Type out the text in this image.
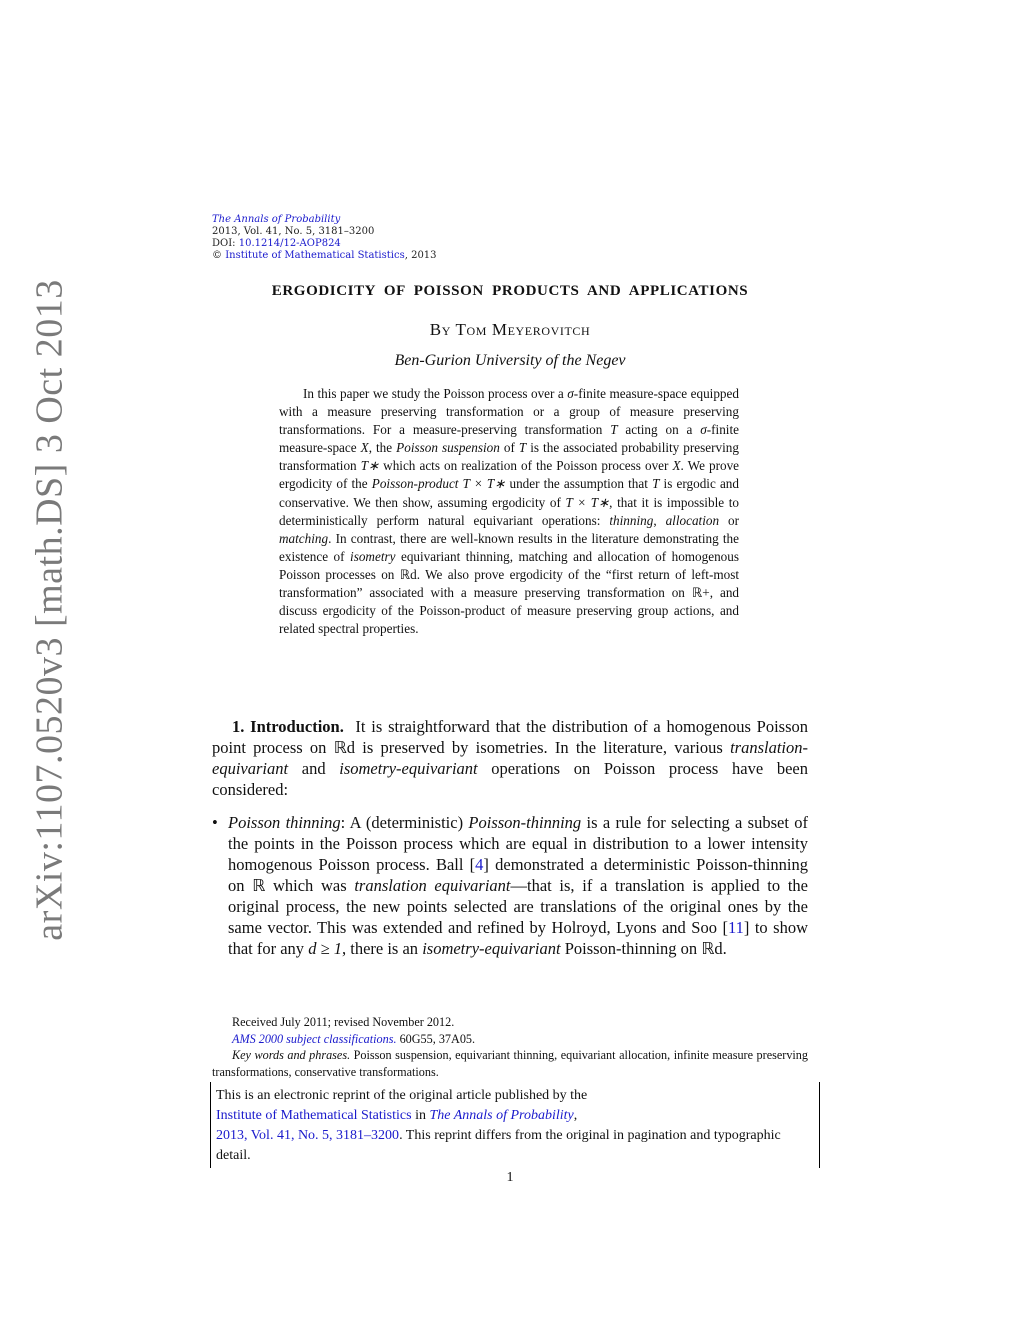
arXiv:1107.0520v3 [math.DS] 3 Oct 2013
The Annals of Probability
2013, Vol. 41, No. 5, 3181–3200
DOI: 10.1214/12-AOP824
© Institute of Mathematical Statistics, 2013
ERGODICITY OF POISSON PRODUCTS AND APPLICATIONS
By Tom Meyerovitch
Ben-Gurion University of the Negev

In this paper we study the Poisson process over a σ-finite measure-space equipped with a measure preserving transformation or a group of measure preserving transformations. For a measure-preserving transformation T acting on a σ-finite measure-space X, the Poisson suspension of T is the associated probability preserving transformation T∗ which acts on realization of the Poisson process over X. We prove ergodicity of the Poisson-product T × T∗ under the assumption that T is ergodic and conservative. We then show, assuming ergodicity of T × T∗, that it is impossible to deterministically perform natural equivariant operations: thinning, allocation or matching. In contrast, there are well-known results in the literature demonstrating the existence of isometry equivariant thinning, matching and allocation of homogenous Poisson processes on ℝd. We also prove ergodicity of the “first return of left-most transformation” associated with a measure preserving transformation on ℝ+, and discuss ergodicity of the Poisson-product of measure preserving group actions, and related spectral properties.

1. Introduction. It is straightforward that the distribution of a homogenous Poisson point process on ℝd is preserved by isometries. In the literature, various translation-equivariant and isometry-equivariant operations on Poisson process have been considered:

• Poisson thinning: A (deterministic) Poisson-thinning is a rule for selecting a subset of the points in the Poisson process which are equal in distribution to a lower intensity homogenous Poisson process. Ball [4] demonstrated a deterministic Poisson-thinning on ℝ which was translation equivariant—that is, if a translation is applied to the original process, the new points selected are translations of the original ones by the same vector. This was extended and refined by Holroyd, Lyons and Soo [11] to show that for any d ≥ 1, there is an isometry-equivariant Poisson-thinning on ℝd.

Received July 2011; revised November 2012.

AMS 2000 subject classifications. 60G55, 37A05.

Key words and phrases. Poisson suspension, equivariant thinning, equivariant allocation, infinite measure preserving transformations, conservative transformations.

This is an electronic reprint of the original article published by the
Institute of Mathematical Statistics in The Annals of Probability,
2013, Vol. 41, No. 5, 3181–3200. This reprint differs from the original in pagination and typographic detail.
1
